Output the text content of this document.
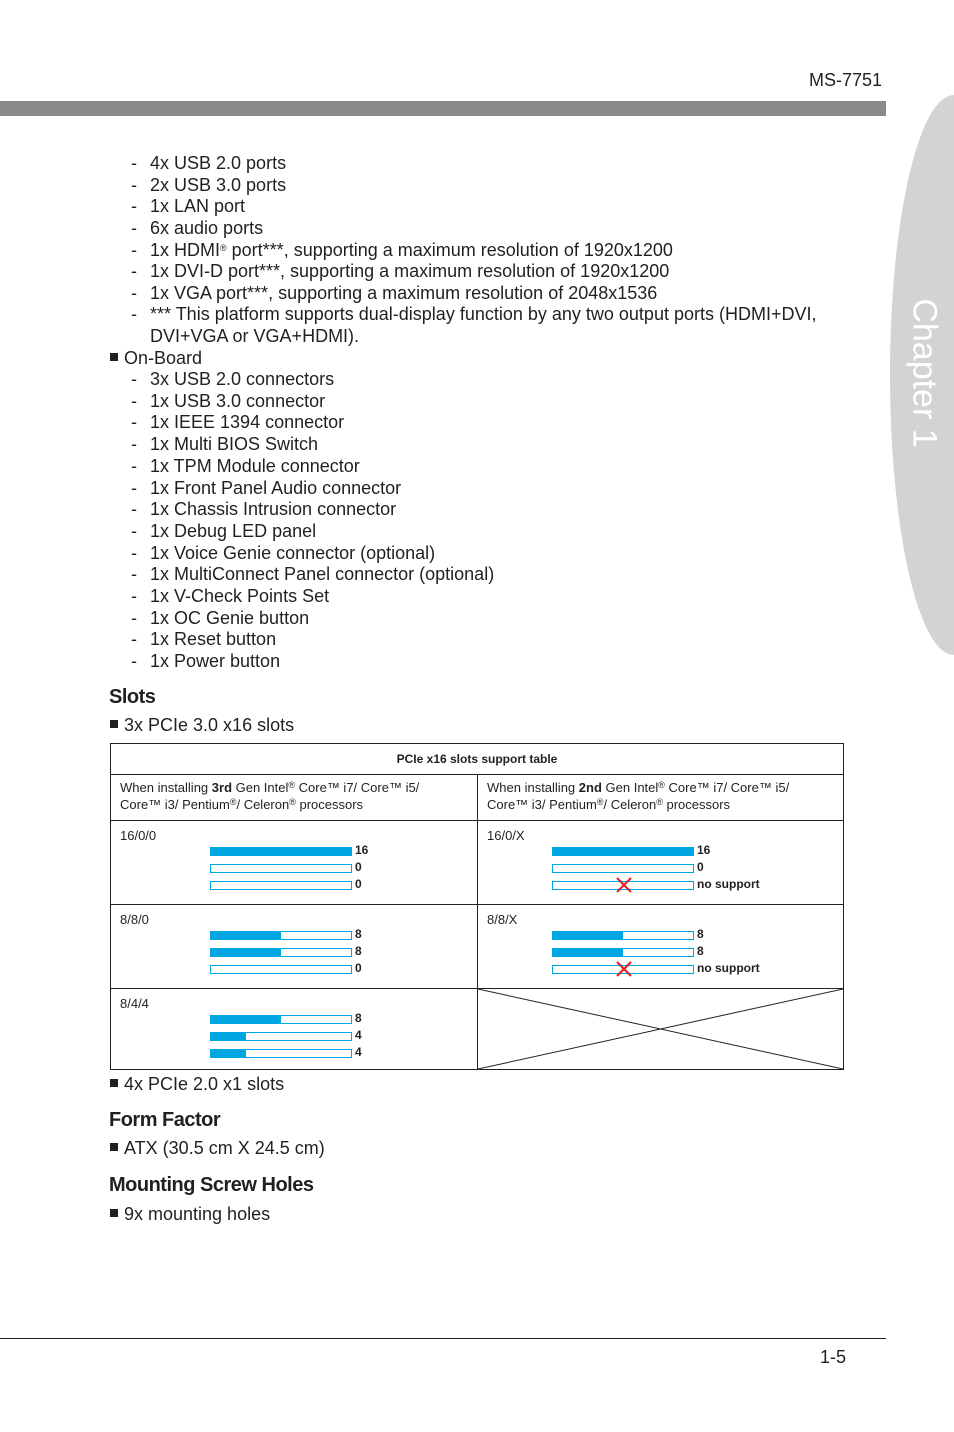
MS-7751
Chapter 1
- 4x USB 2.0 ports
- 2x USB 3.0 ports
- 1x LAN port
- 6x audio ports
- 1x HDMI® port***, supporting a maximum resolution of 1920x1200
- 1x DVI-D port***, supporting a maximum resolution of 1920x1200
- 1x VGA port***, supporting a maximum resolution of 2048x1536
- *** This platform supports dual-display function by any two output ports (HDMI+DVI,
DVI+VGA or VGA+HDMI).
On-Board
- 3x USB 2.0 connectors
- 1x USB 3.0 connector
- 1x IEEE 1394 connector
- 1x Multi BIOS Switch
- 1x TPM Module connector
- 1x Front Panel Audio connector
- 1x Chassis Intrusion connector
- 1x Debug LED panel
- 1x Voice Genie connector (optional)
- 1x MultiConnect Panel connector (optional)
- 1x V-Check Points Set
- 1x OC Genie button
- 1x Reset button
- 1x Power button
Slots
3x PCIe 3.0 x16 slots
PCIe x16 slots support table
When installing 3rd Gen Intel® Core™ i7/ Core™ i5/
Core™ i3/ Pentium®/ Celeron® processors
When installing 2nd Gen Intel® Core™ i7/ Core™ i5/
Core™ i3/ Pentium®/ Celeron® processors
16/0/0
16
0
0
8/8/0
8
8
0
8/4/4
8
4
4
16/0/X
16
0
no support
8/8/X
8
8
no support
4x PCIe 2.0 x1 slots
Form Factor
ATX (30.5 cm X 24.5 cm)
Mounting Screw Holes
9x mounting holes
1-5
